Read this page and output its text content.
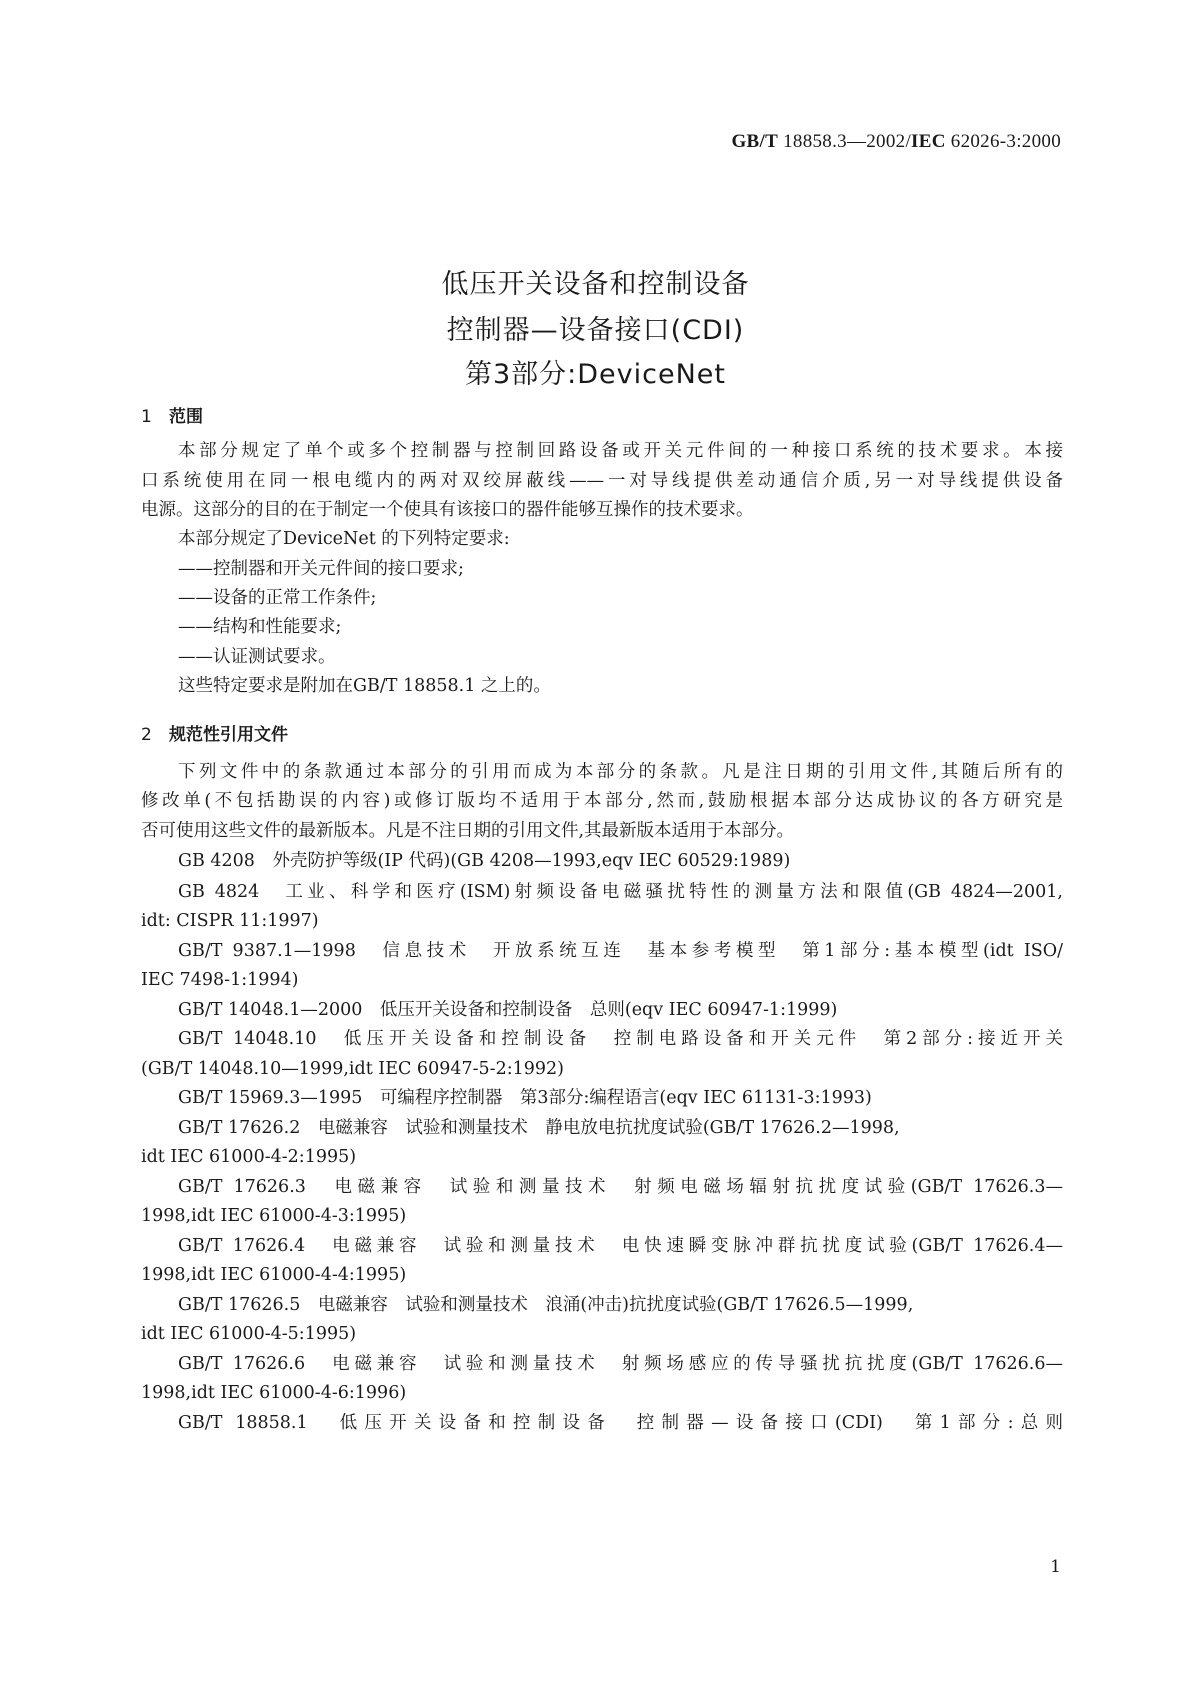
GB/T 18858.3—2002/IEC 62026-3:2000
低压开关设备和控制设备
控制器—设备接口(CDI)
第3部分:DeviceNet
1 范围
本部分规定了单个或多个控制器与控制回路设备或开关元件间的一种接口系统的技术要求。本接
口系统使用在同一根电缆内的两对双绞屏蔽线——一对导线提供差动通信介质,另一对导线提供设备
电源。这部分的目的在于制定一个使具有该接口的器件能够互操作的技术要求。
本部分规定了DeviceNet 的下列特定要求:
——控制器和开关元件间的接口要求;
——设备的正常工作条件;
——结构和性能要求;
——认证测试要求。
这些特定要求是附加在GB/T 18858.1 之上的。
2 规范性引用文件
下列文件中的条款通过本部分的引用而成为本部分的条款。凡是注日期的引用文件,其随后所有的
修改单(不包括勘误的内容)或修订版均不适用于本部分,然而,鼓励根据本部分达成协议的各方研究是
否可使用这些文件的最新版本。凡是不注日期的引用文件,其最新版本适用于本部分。
GB 4208　外壳防护等级(IP 代码)(GB 4208—1993,eqv IEC 60529:1989)
GB 4824　工业、科学和医疗(ISM)射频设备电磁骚扰特性的测量方法和限值(GB 4824—2001,
idt: CISPR 11:1997)
GB/T 9387.1—1998　信息技术　开放系统互连　基本参考模型　第1部分:基本模型(idt ISO/
IEC 7498-1:1994)
GB/T 14048.1—2000　低压开关设备和控制设备　总则(eqv IEC 60947-1:1999)
GB/T 14048.10　低压开关设备和控制设备　控制电路设备和开关元件　第2部分:接近开关
(GB/T 14048.10—1999,idt IEC 60947-5-2:1992)
GB/T 15969.3—1995　可编程序控制器　第3部分:编程语言(eqv IEC 61131-3:1993)
GB/T 17626.2　电磁兼容　试验和测量技术　静电放电抗扰度试验(GB/T 17626.2—1998,
idt IEC 61000-4-2:1995)
GB/T 17626.3　电磁兼容　试验和测量技术　射频电磁场辐射抗扰度试验(GB/T 17626.3—
1998,idt IEC 61000-4-3:1995)
GB/T 17626.4　电磁兼容　试验和测量技术　电快速瞬变脉冲群抗扰度试验(GB/T 17626.4—
1998,idt IEC 61000-4-4:1995)
GB/T 17626.5　电磁兼容　试验和测量技术　浪涌(冲击)抗扰度试验(GB/T 17626.5—1999,
idt IEC 61000-4-5:1995)
GB/T 17626.6　电磁兼容　试验和测量技术　射频场感应的传导骚扰抗扰度(GB/T 17626.6—
1998,idt IEC 61000-4-6:1996)
GB/T 18858.1　低压开关设备和控制设备　控制器—设备接口(CDI)　第1部分:总则
1
